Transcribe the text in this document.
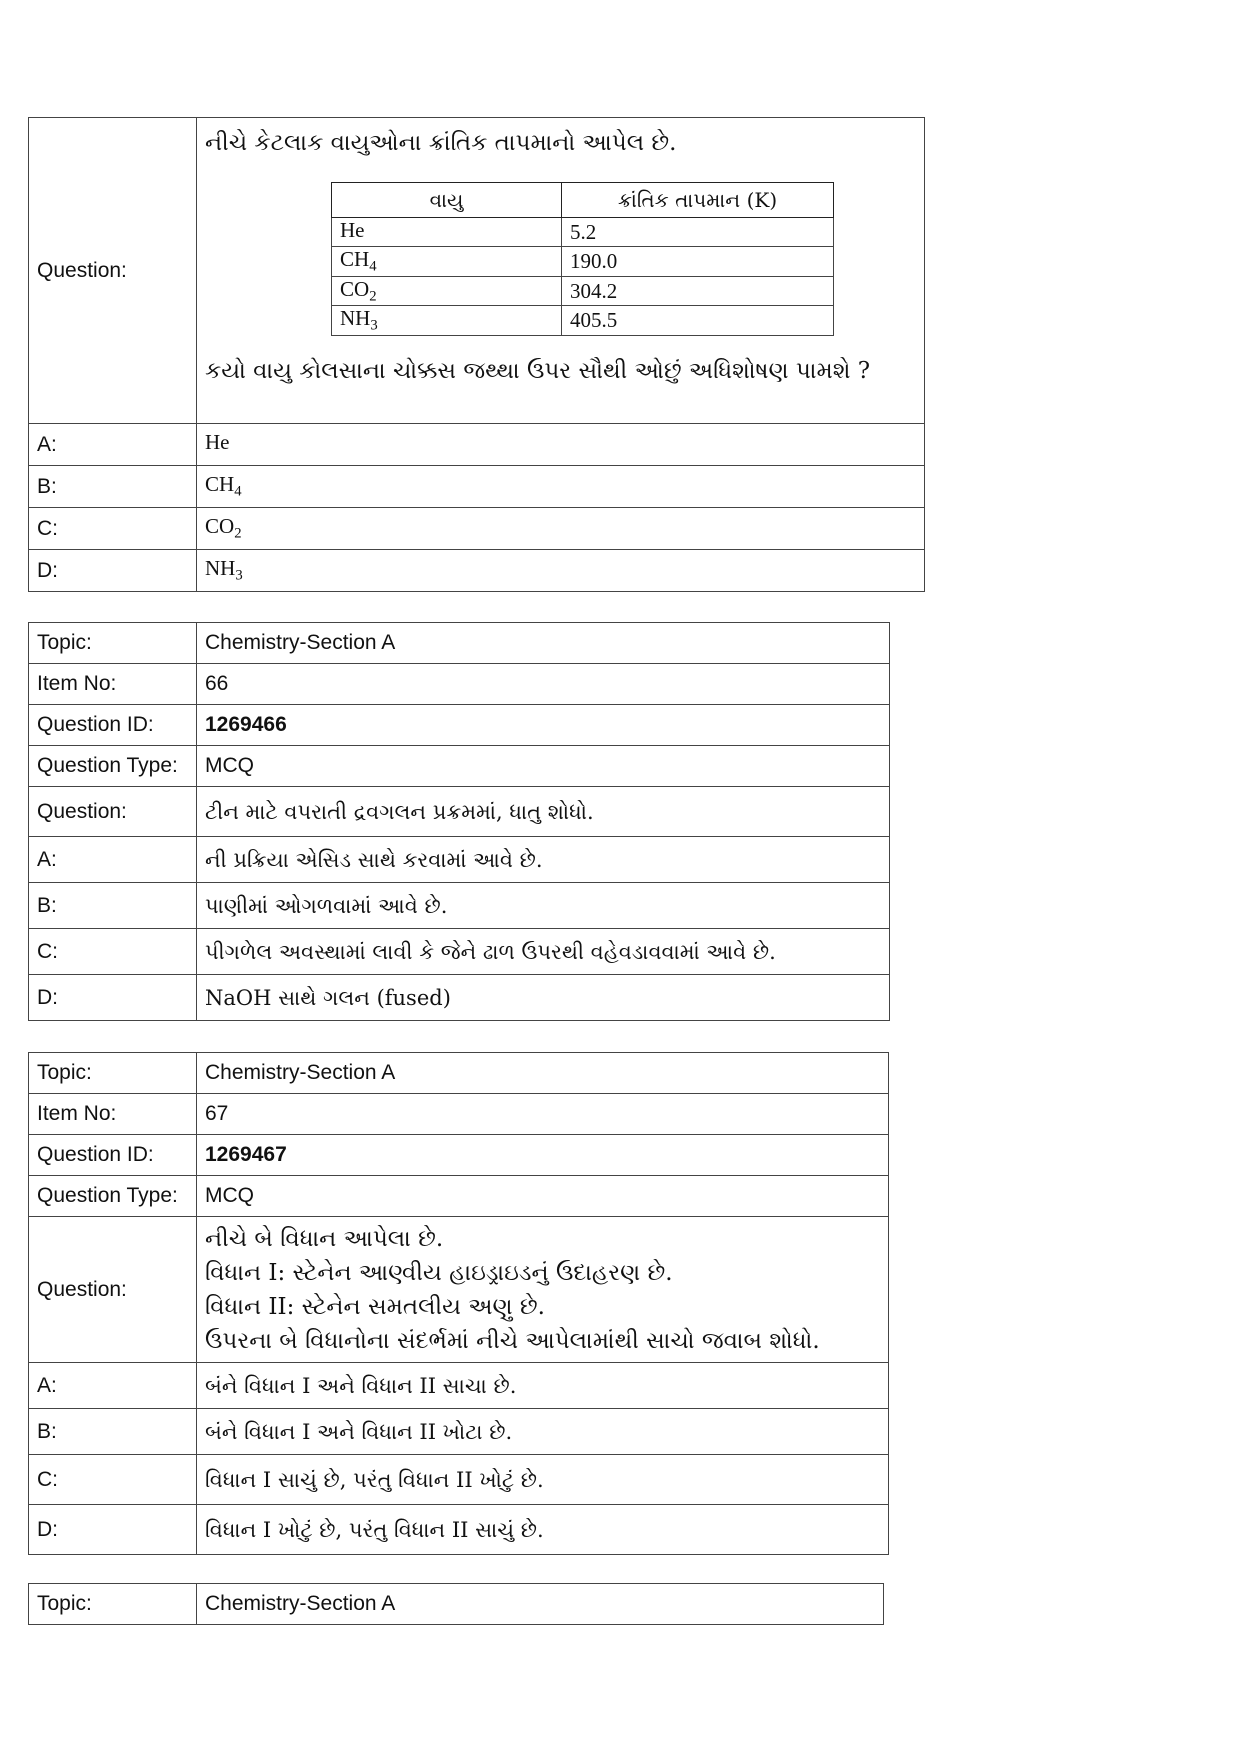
Question:	
નીચે કેટલાક વાયુઓના ક્રાંતિક તાપમાનો આપેલ છે.
વાયુ	ક્રાંતિક તાપમાન (K)
He	5.2
$CH_4$	190.0
$CO_2$	304.2
$NH_3$	405.5
કયો વાયુ કોલસાના ચોક્કસ જથ્થા ઉપર સૌથી ઓછું અધિશોષણ પામશે ?

A:	He
B:	$CH_4$
C:	$CO_2$
D:	$NH_3$
Topic:	Chemistry-Section A
Item No:	66
Question ID:	1269466
Question Type:	MCQ
Question:	ટીન માટે વપરાતી દ્રવગલન પ્રક્રમમાં, ધાતુ શોધો.
A:	ની પ્રક્રિયા એસિડ સાથે કરવામાં આવે છે.
B:	પાણીમાં ઓગળવામાં આવે છે.
C:	પીગળેલ અવસ્થામાં લાવી કે જેને ઢાળ ઉપરથી વહેવડાવવામાં આવે છે.
D:	NaOH સાથે ગલન (fused)
Topic:	Chemistry-Section A
Item No:	67
Question ID:	1269467
Question Type:	MCQ
Question:	નીચે બે વિધાન આપેલા છે.
વિધાન I: સ્ટેનેન આણ્વીય હાઇડ્રાઇડનું ઉદાહરણ છે.
વિધાન II: સ્ટેનેન સમતલીય અણુ છે.
ઉપરના બે વિધાનોના સંદર્ભમાં નીચે આપેલામાંથી સાચો જવાબ શોધો.

A:	બંને વિધાન I અને વિધાન II સાચા છે.
B:	બંને વિધાન I અને વિધાન II ખોટા છે.
C:	વિધાન I સાચું છે, પરંતુ વિધાન II ખોટું છે.
D:	વિધાન I ખોટું છે, પરંતુ વિધાન II સાચું છે.
Topic:	Chemistry-Section A
